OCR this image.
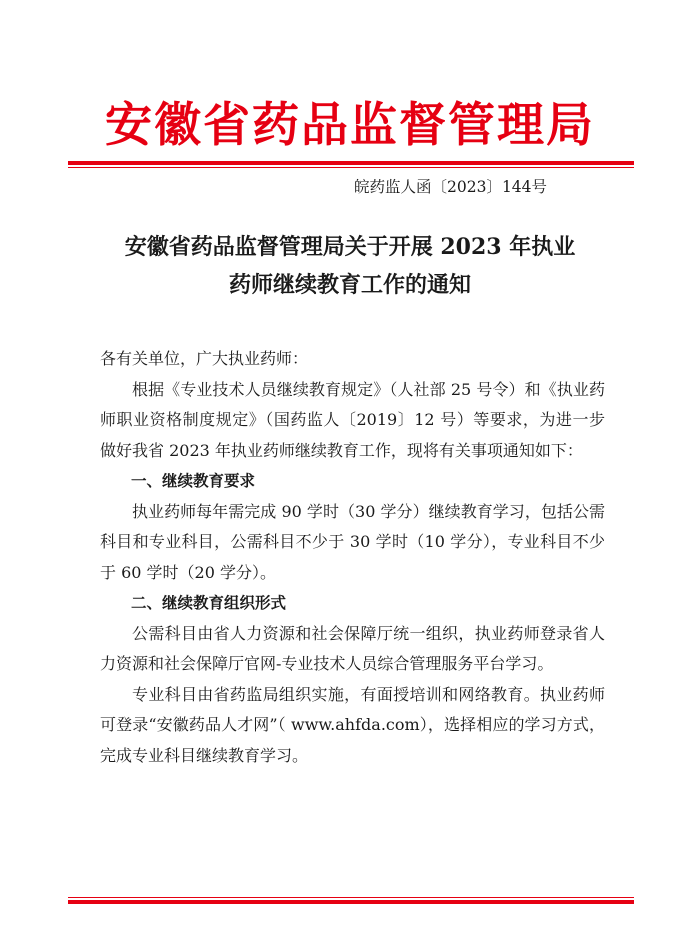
安徽省药品监督管理局
皖药监人函〔2023〕144号
安徽省药品监督管理局关于开展 2023 年执业
药师继续教育工作的通知

各有关单位，广大执业药师：

根据《专业技术人员继续教育规定》（人社部 25 号令）和《执业药师职业资格制度规定》（国药监人〔2019〕12 号）等要求，为进一步做好我省 2023 年执业药师继续教育工作，现将有关事项通知如下：

一、继续教育要求

执业药师每年需完成 90 学时（30 学分）继续教育学习，包括公需科目和专业科目，公需科目不少于 30 学时（10 学分），专业科目不少于 60 学时（20 学分）。

二、继续教育组织形式

公需科目由省人力资源和社会保障厅统一组织，执业药师登录省人力资源和社会保障厅官网-专业技术人员综合管理服务平台学习。

专业科目由省药监局组织实施，有面授培训和网络教育。执业药师可登录“安徽药品人才网”（ www.ahfda.com），选择相应的学习方式，完成专业科目继续教育学习。
